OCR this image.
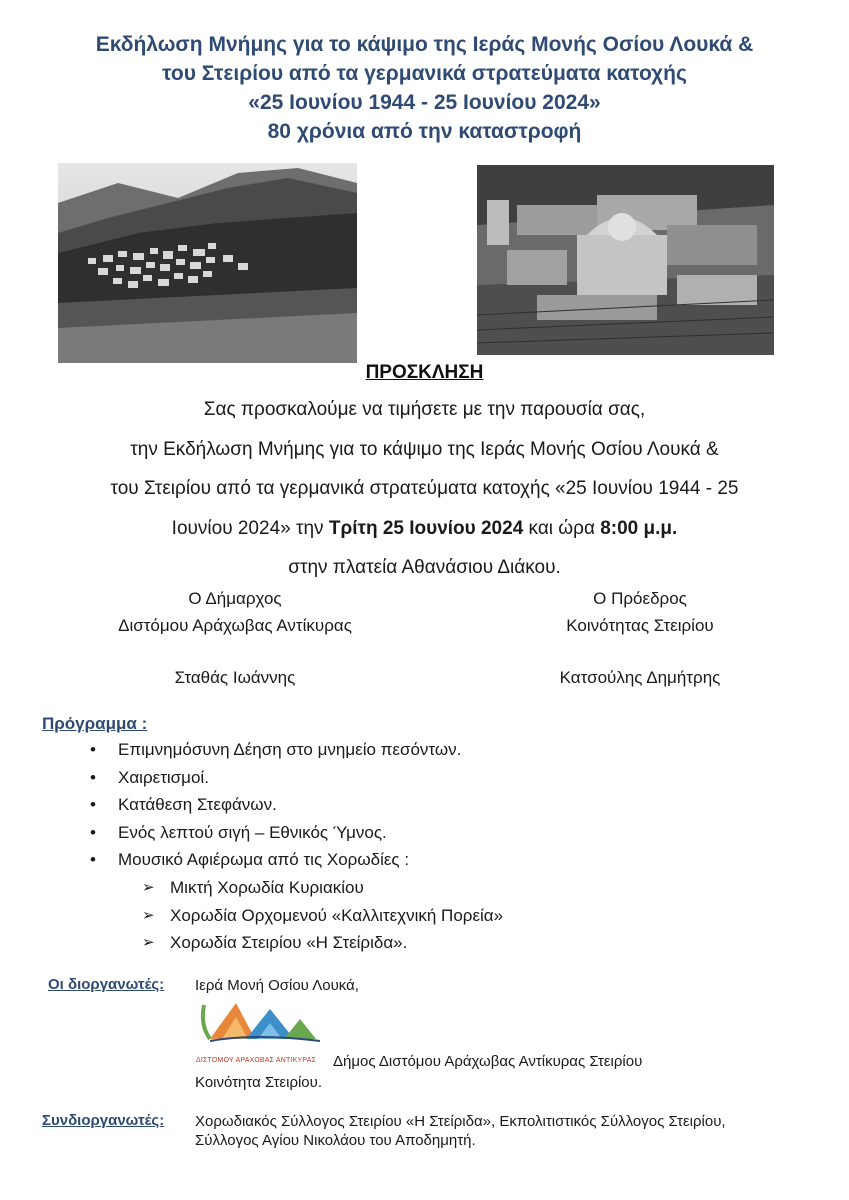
Εκδήλωση Μνήμης για το κάψιμο της Ιεράς Μονής Οσίου Λουκά &
του Στειρίου από τα γερμανικά στρατεύματα κατοχής
«25 Ιουνίου 1944 - 25 Ιουνίου 2024»
80 χρόνια από την καταστροφή
ΠΡΟΣΚΛΗΣΗ
Σας προσκαλούμε να τιμήσετε με την παρουσία σας,
την Εκδήλωση Μνήμης για το κάψιμο της Ιεράς Μονής Οσίου Λουκά &
του Στειρίου από τα γερμανικά στρατεύματα κατοχής «25 Ιουνίου 1944 - 25
Ιουνίου 2024» την Τρίτη 25 Ιουνίου 2024 και ώρα 8:00 μ.μ.
στην πλατεία Αθανάσιου Διάκου.
Ο Δήμαρχος
Διστόμου Αράχωβας Αντίκυρας
Σταθάς Ιωάννης
Ο Πρόεδρος
Κοινότητας Στειρίου
Κατσούλης Δημήτρης
Πρόγραμμα :
• Επιμνημόσυνη Δέηση στο μνημείο πεσόντων.
• Χαιρετισμοί.
• Κατάθεση Στεφάνων.
• Ενός λεπτού σιγή – Εθνικός Ύμνος.
• Μουσικό Αφιέρωμα από τις Χορωδίες :
➢ Μικτή Χορωδία Κυριακίου
➢ Χορωδία Ορχομενού «Καλλιτεχνική Πορεία»
➢ Χορωδία Στειρίου «Η Στείριδα».
Οι διοργανωτές: Ιερά Μονή Οσίου Λουκά,
ΔΙΣΤΟΜΟΥ ΑΡΑΧΩΒΑΣ ΑΝΤΙΚΥΡΑΣ Δήμος Διστόμου Αράχωβας Αντίκυρας Στειρίου
Κοινότητα Στειρίου.
Συνδιοργανωτές: Χορωδιακός Σύλλογος Στειρίου «Η Στείριδα», Εκπολιτιστικός Σύλλογος Στειρίου,
Σύλλογος Αγίου Νικολάου του Αποδημητή.
